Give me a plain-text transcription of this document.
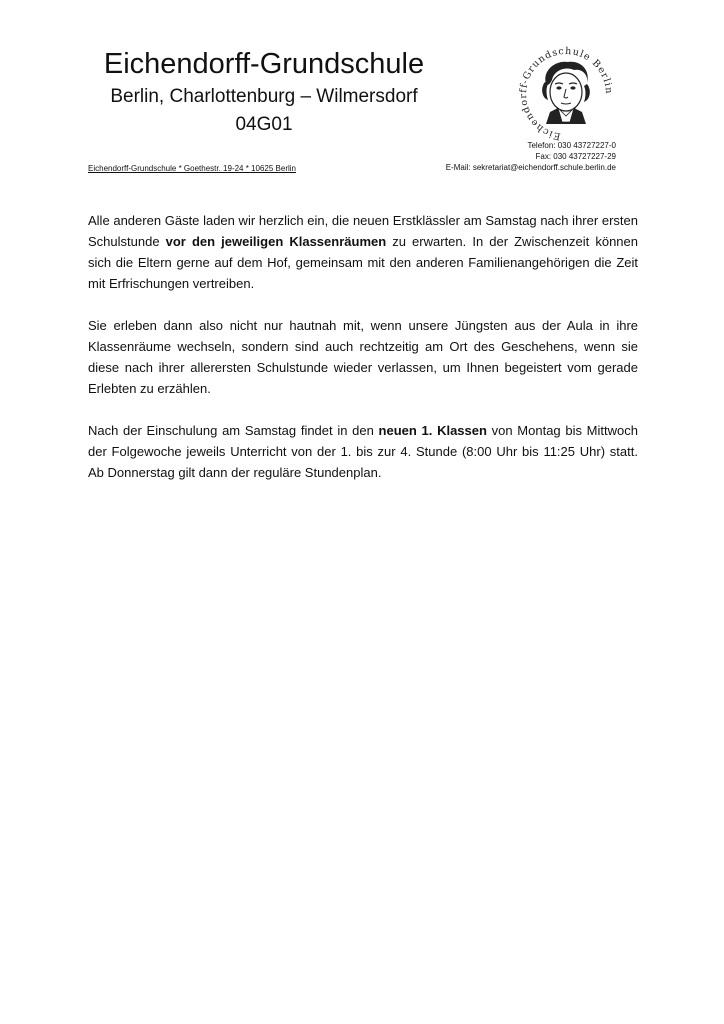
Eichendorff-Grundschule
Berlin, Charlottenburg – Wilmersdorf
04G01
Eichendorff-Grundschule Berlin
Telefon: 030 43727227-0
Fax: 030 43727227-29
E-Mail: sekretariat@eichendorff.schule.berlin.de
Eichendorff-Grundschule * Goethestr. 19-24 * 10625 Berlin

Alle anderen Gäste laden wir herzlich ein, die neuen Erstklässler am Samstag nach ihrer ersten Schulstunde vor den jeweiligen Klassenräumen zu erwarten. In der Zwischenzeit können sich die Eltern gerne auf dem Hof, gemeinsam mit den anderen Familienangehörigen die Zeit mit Erfrischungen vertreiben.

Sie erleben dann also nicht nur hautnah mit, wenn unsere Jüngsten aus der Aula in ihre Klassenräume wechseln, sondern sind auch rechtzeitig am Ort des Geschehens, wenn sie diese nach ihrer allerersten Schulstunde wieder verlassen, um Ihnen begeistert vom gerade Erlebten zu erzählen.

Nach der Einschulung am Samstag findet in den neuen 1. Klassen von Montag bis Mittwoch der Folgewoche jeweils Unterricht von der 1. bis zur 4. Stunde (8:00 Uhr bis 11:25 Uhr) statt. Ab Donnerstag gilt dann der reguläre Stundenplan.
